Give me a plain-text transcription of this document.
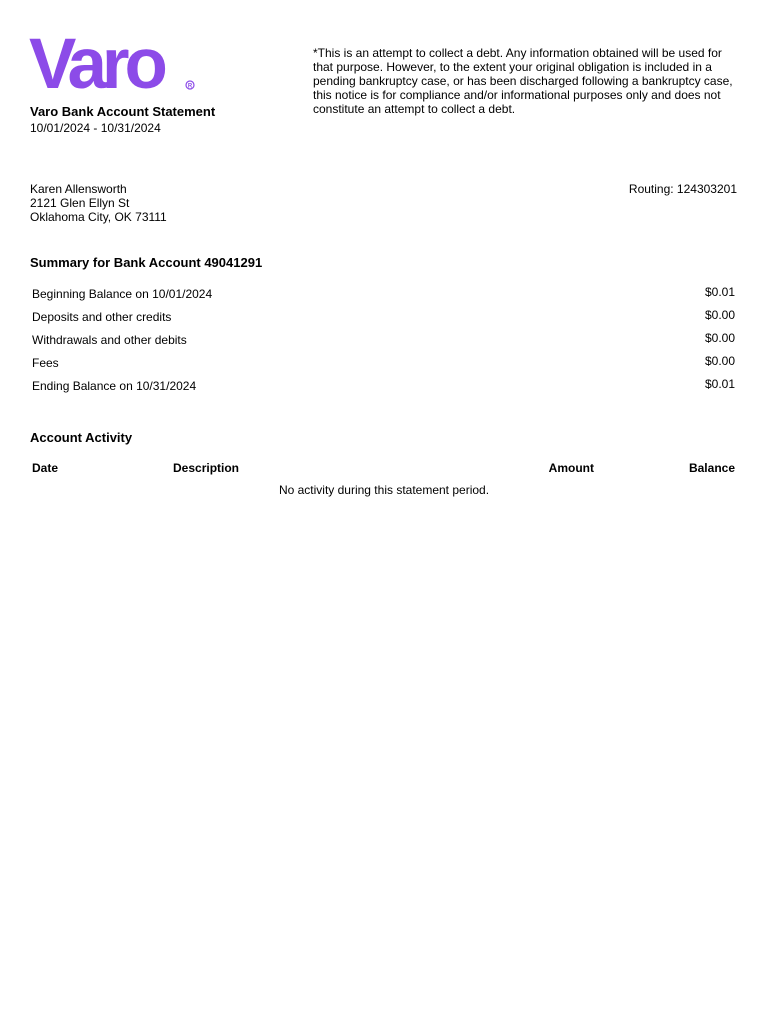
Varo	R
Varo Bank Account Statement
10/01/2024 - 10/31/2024
*This is an attempt to collect a debt. Any information obtained will be used for that purpose. However, to the extent your original obligation is included in a pending bankruptcy case, or has been discharged following a bankruptcy case, this notice is for compliance and/or informational purposes only and does not constitute an attempt to collect a debt.
Karen Allensworth
2121 Glen Ellyn St
Oklahoma City, OK 73111
Routing: 124303201
Summary for Bank Account 49041291
Beginning Balance on 10/01/2024	$0.01
Deposits and other credits	$0.00
Withdrawals and other debits	$0.00
Fees	$0.00
Ending Balance on 10/31/2024	$0.01
Account Activity
Date	Description	Amount	Balance
No activity during this statement period.
